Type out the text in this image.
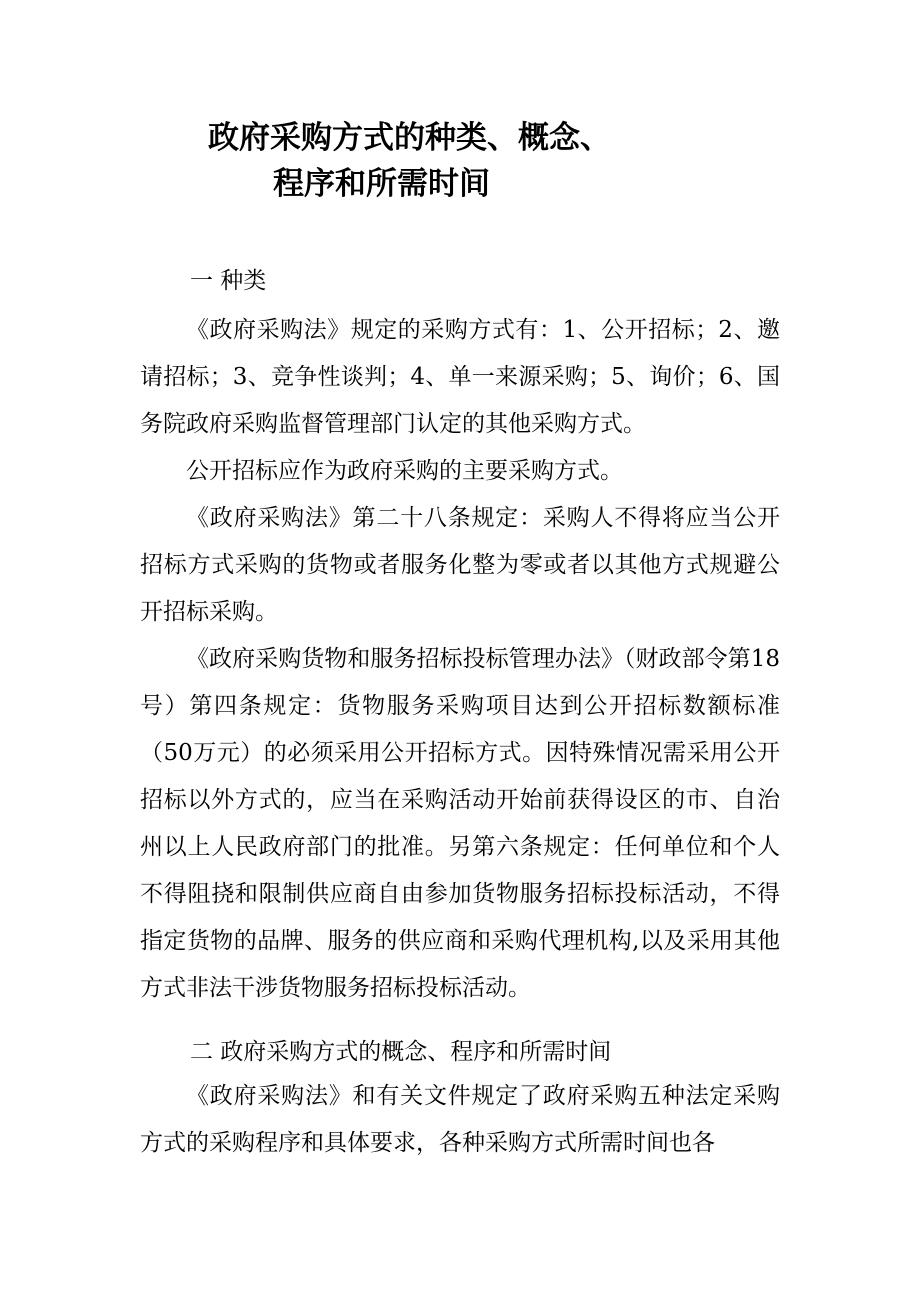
政府采购方式的种类、概念、
程序和所需时间
一 种类

《政府采购法》规定的采购方式有：1、公开招标；2、邀请招标；3、竞争性谈判；4、单一来源采购；5、询价；6、国务院政府采购监督管理部门认定的其他采购方式。

公开招标应作为政府采购的主要采购方式。

《政府采购法》第二十八条规定：采购人不得将应当公开招标方式采购的货物或者服务化整为零或者以其他方式规避公开招标采购。

《政府采购货物和服务招标投标管理办法》（财政部令第18号）第四条规定：货物服务采购项目达到公开招标数额标准（50万元）的必须采用公开招标方式。因特殊情况需采用公开招标以外方式的，应当在采购活动开始前获得设区的市、自治州以上人民政府部门的批准。另第六条规定：任何单位和个人不得阻挠和限制供应商自由参加货物服务招标投标活动，不得指定货物的品牌、服务的供应商和采购代理机构,以及采用其他方式非法干涉货物服务招标投标活动。

二 政府采购方式的概念、程序和所需时间

《政府采购法》和有关文件规定了政府采购五种法定采购方式的采购程序和具体要求，各种采购方式所需时间也各
